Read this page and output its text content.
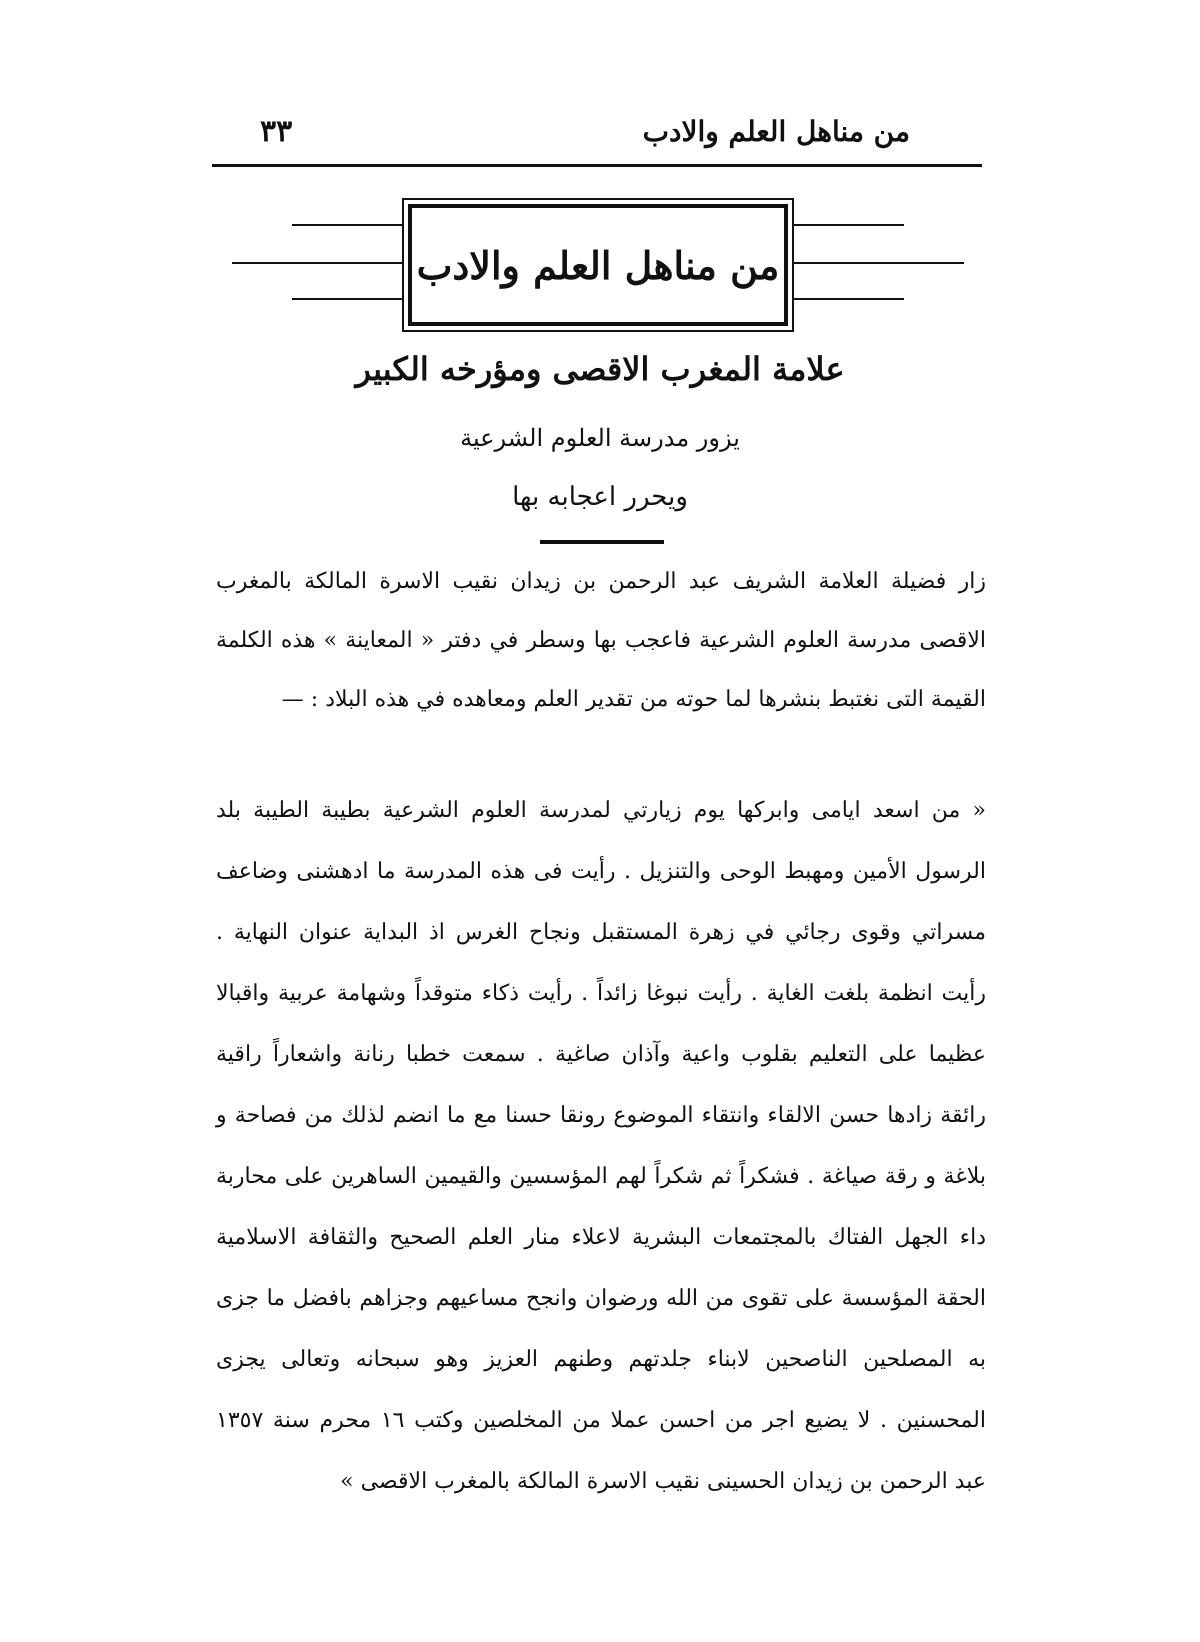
من مناهل العلم والادب
٣٣
من مناهل العلم والادب
علامة المغرب الاقصى ومؤرخه الكبير
يزور مدرسة العلوم الشرعية
ويحرر اعجابه بها

زار فضيلة العلامة الشريف عبد الرحمن بن زيدان نقيب الاسرة المالكة بالمغرب الاقصى مدرسة العلوم الشرعية فاعجب بها وسطر في دفتر « المعاينة » هذه الكلمة القيمة التى نغتبط بنشرها لما حوته من تقدير العلم ومعاهده في هذه البلاد : —

« من اسعد ايامى وابركها يوم زيارتي لمدرسة العلوم الشرعية بطيبة الطيبة بلد الرسول الأمين ومهبط الوحى والتنزيل . رأيت فى هذه المدرسة ما ادهشنى وضاعف مسراتي وقوى رجائي في زهرة المستقبل ونجاح الغرس اذ البداية عنوان النهاية . رأيت انظمة بلغت الغاية . رأيت نبوغا زائداً . رأيت ذكاء متوقداً وشهامة عربية واقبالا عظيما على التعليم بقلوب واعية وآذان صاغية . سمعت خطبا رنانة واشعاراً راقية رائقة زادها حسن الالقاء وانتقاء الموضوع رونقا حسنا مع ما انضم لذلك من فصاحة و بلاغة و رقة صياغة . فشكراً ثم شكراً لهم المؤسسين والقيمين الساهرين على محاربة داء الجهل الفتاك بالمجتمعات البشرية لاعلاء منار العلم الصحيح والثقافة الاسلامية الحقة المؤسسة على تقوى من الله ورضوان وانجح مساعيهم وجزاهم بافضل ما جزى به المصلحين الناصحين لابناء جلدتهم وطنهم العزيز وهو سبحانه وتعالى يجزى المحسنين . لا يضيع اجر من احسن عملا من المخلصين وكتب ١٦ محرم سنة ١٣٥٧ عبد الرحمن بن زيدان الحسينى نقيب الاسرة المالكة بالمغرب الاقصى »
